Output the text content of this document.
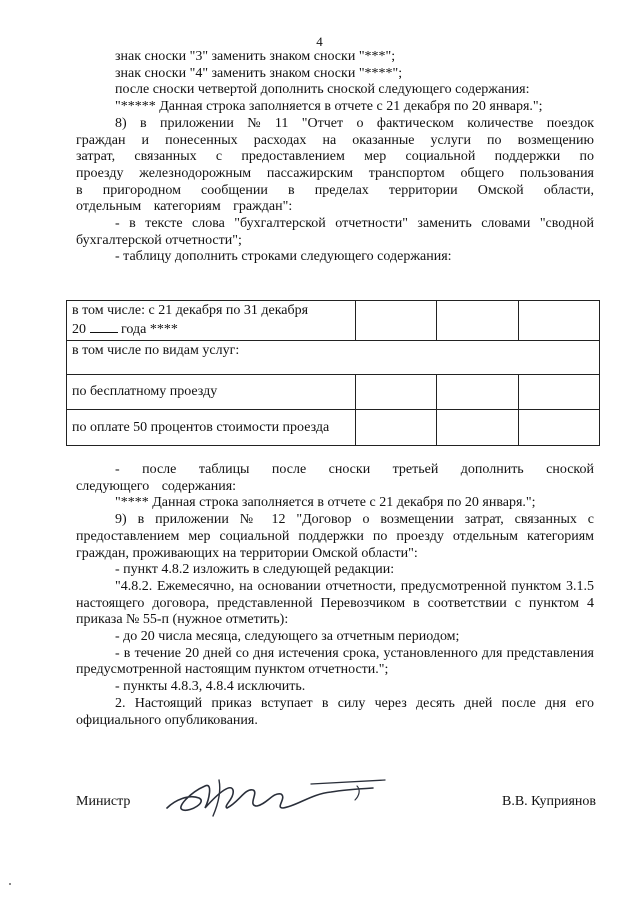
4

знак сноски "3" заменить знаком сноски "***";

знак сноски "4" заменить знаком сноски "****";

после сноски четвертой дополнить сноской следующего содержания:

"***** Данная строка заполняется в отчете с 21 декабря по 20 января.";

8) в приложении № 11 "Отчет о фактическом количестве поездок граждан и понесенных расходах на оказанные услуги по возмещению затрат, связанных с предоставлением мер социальной поддержки по проезду железнодорожным пассажирским транспортом общего пользования в пригородном сообщении в пределах территории Омской области, отдельным категориям граждан":

- в тексте слова "бухгалтерской отчетности" заменить словами "сводной бухгалтерской отчетности";

- таблицу дополнить строками следующего содержания:

в том числе: с 21 декабря по 31 декабря
20 года ****			
в том числе по видам услуг:			
по бесплатному проезду			
по оплате 50 процентов стоимости проезда			

- после таблицы после сноски третьей дополнить сноской следующего содержания:

"**** Данная строка заполняется в отчете с 21 декабря по 20 января.";

9) в приложении № 12 "Договор о возмещении затрат, связанных с предоставлением мер социальной поддержки по проезду отдельным категориям граждан, проживающих на территории Омской области":

- пункт 4.8.2 изложить в следующей редакции:

"4.8.2. Ежемесячно, на основании отчетности, предусмотренной пунктом 3.1.5 настоящего договора, представленной Перевозчиком в соответствии с пунктом 4 приказа № 55-п (нужное отметить):

- до 20 числа месяца, следующего за отчетным периодом;

- в течение 20 дней со дня истечения срока, установленного для представления предусмотренной настоящим пунктом отчетности.";

- пункты 4.8.3, 4.8.4 исключить.

2. Настоящий приказ вступает в силу через десять дней после дня его официального опубликования.

Министр	В.В. Куприянов
